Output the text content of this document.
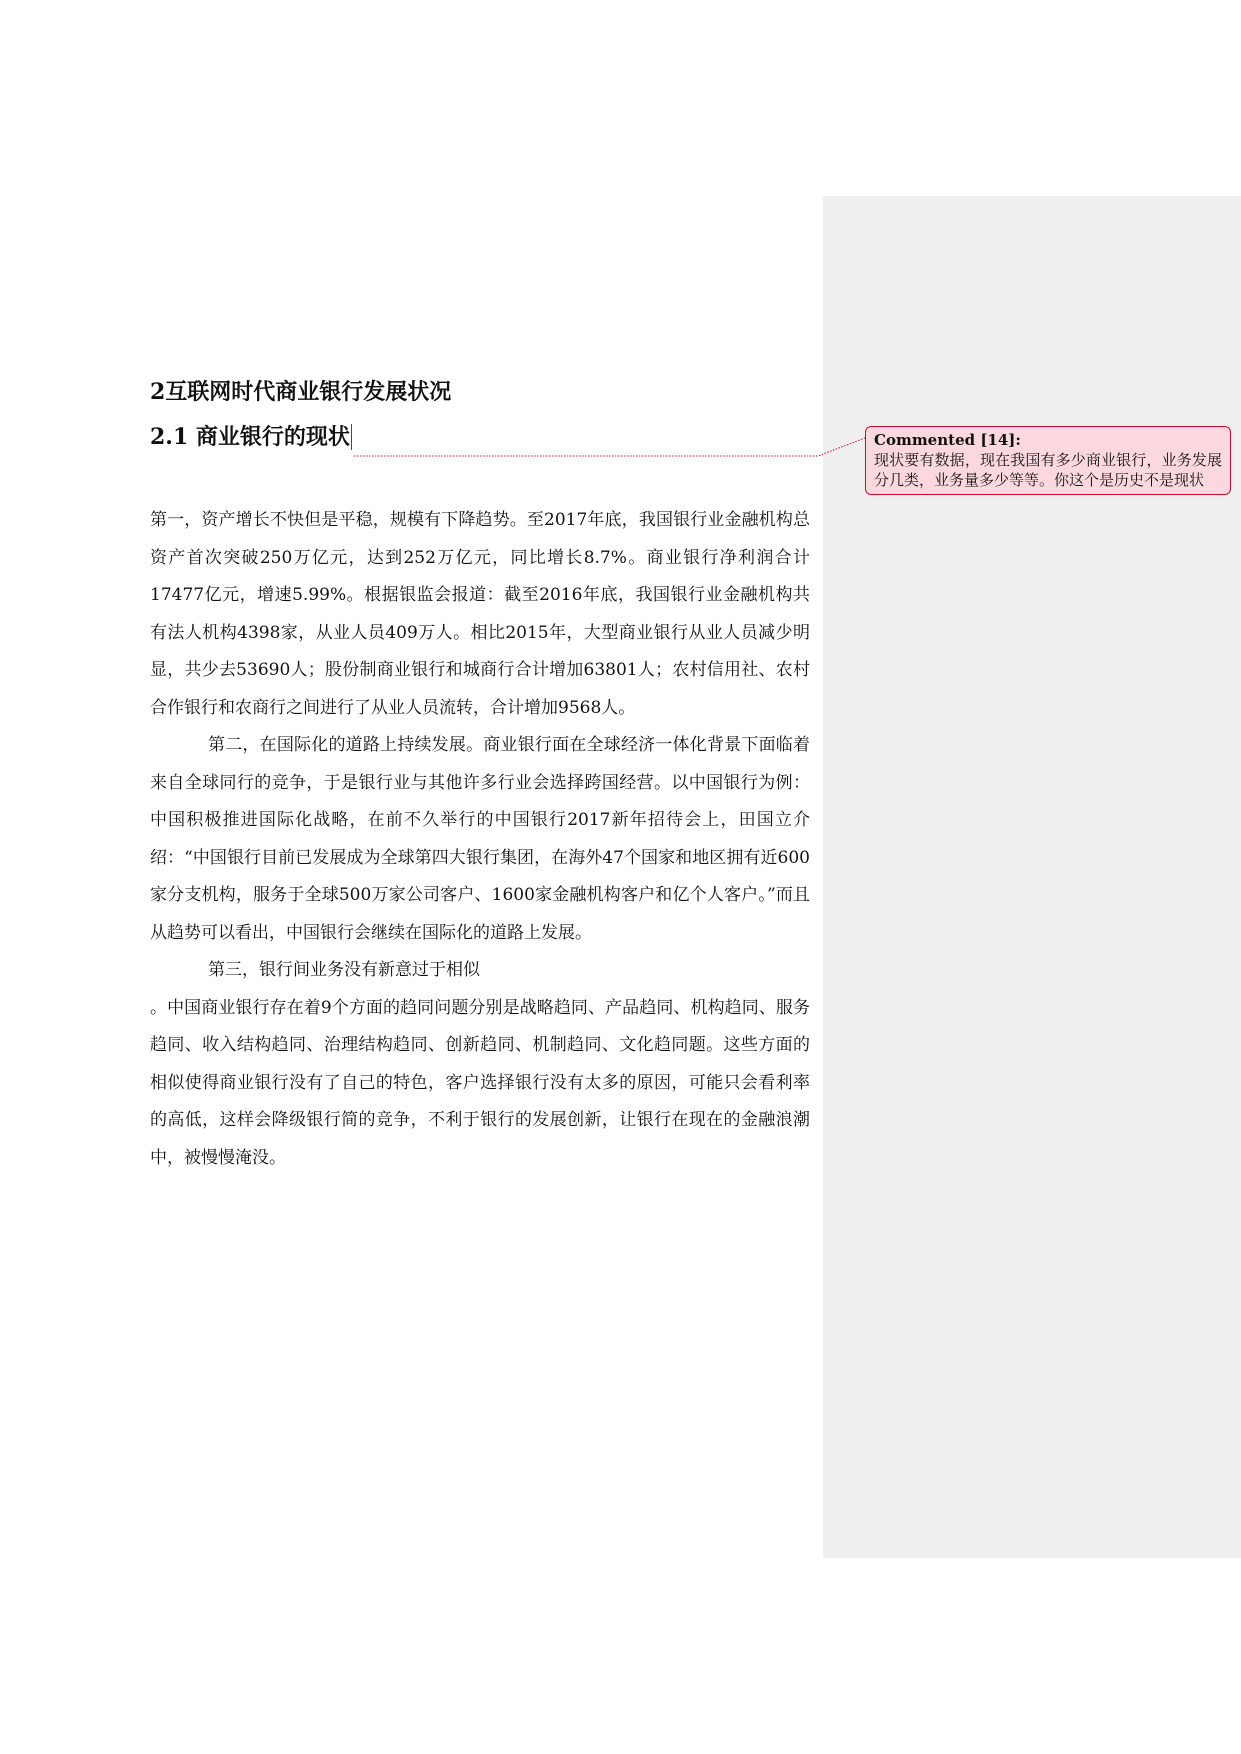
2互联网时代商业银行发展状况
2.1 商业银行的现状

第一，资产增长不快但是平稳，规模有下降趋势。至2017年底，我国银行业金融机构总资产首次突破250万亿元，达到252万亿元，同比增长8.7%。商业银行净利润合计17477亿元，增速5.99%。根据银监会报道：截至2016年底，我国银行业金融机构共有法人机构4398家，从业人员409万人。相比2015年，大型商业银行从业人员减少明显，共少去53690人；股份制商业银行和城商行合计增加63801人；农村信用社、农村合作银行和农商行之间进行了从业人员流转，合计增加9568人。

第二，在国际化的道路上持续发展。商业银行面在全球经济一体化背景下面临着来自全球同行的竞争，于是银行业与其他许多行业会选择跨国经营。以中国银行为例：中国积极推进国际化战略，在前不久举行的中国银行2017新年招待会上，田国立介绍：“中国银行目前已发展成为全球第四大银行集团，在海外47个国家和地区拥有近600家分支机构，服务于全球500万家公司客户、1600家金融机构客户和亿个人客户。”而且从趋势可以看出，中国银行会继续在国际化的道路上发展。

第三，银行间业务没有新意过于相似

。中国商业银行存在着9个方面的趋同问题分别是战略趋同、产品趋同、机构趋同、服务趋同、收入结构趋同、治理结构趋同、创新趋同、机制趋同、文化趋同题。这些方面的相似使得商业银行没有了自己的特色，客户选择银行没有太多的原因，可能只会看利率的高低，这样会降级银行简的竞争，不利于银行的发展创新，让银行在现在的金融浪潮中，被慢慢淹没。

Commented [14]:
现状要有数据，现在我国有多少商业银行，业务发展分几类，业务量多少等等。你这个是历史不是现状
